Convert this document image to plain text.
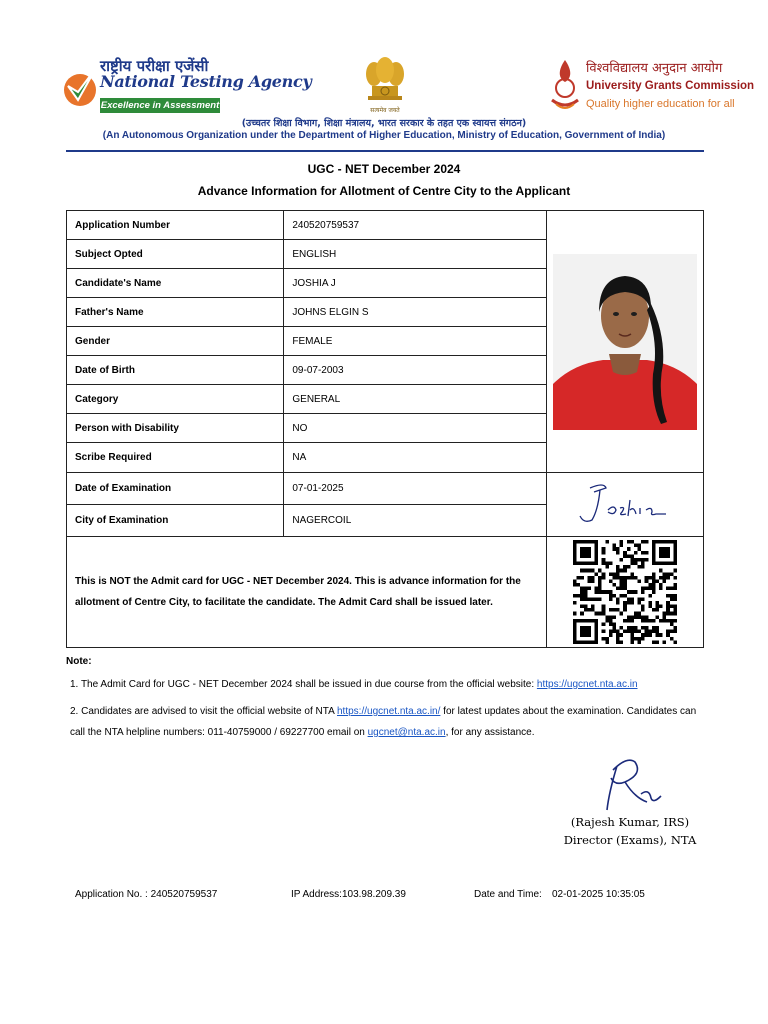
राष्ट्रीय परीक्षा एजेंसी
National Testing Agency
Excellence in Assessment	सत्यमेव जयते
विश्वविद्यालय अनुदान आयोग
University Grants Commission
Quality higher education for all
(उच्चतर शिक्षा विभाग, शिक्षा मंत्रालय, भारत सरकार के तहत एक स्वायत्त संगठन)
(An Autonomous Organization under the Department of Higher Education, Ministry of Education, Government of India)
UGC - NET December 2024
Advance Information for Allotment of Centre City to the Applicant
Application Number	240520759537	

Subject Opted	ENGLISH	
Candidate's Name	JOSHIA J	
Father's Name	JOHNS ELGIN S	
Gender	FEMALE	
Date of Birth	09-07-2003	
Category	GENERAL	
Person with Disability	NO	
Scribe Required	NA	
Date of Examination	07-01-2025	

City of Examination	NAGERCOIL	
This is NOT the Admit card for UGC - NET December 2024. This is advance information for the allotment of Centre City, to facilitate the candidate. The Admit Card shall be issued later.	
Note:
1. The Admit Card for UGC - NET December 2024 shall be issued in due course from the official website: https://ugcnet.nta.ac.in
2. Candidates are advised to visit the official website of NTA https://ugcnet.nta.ac.in/ for latest updates about the examination. Candidates can call the NTA helpline numbers: 011-40759000 / 69227700 email on ugcnet@nta.ac.in, for any assistance.
(Rajesh Kumar, IRS)
Director (Exams), NTA
Application No. : 240520759537	IP Address:103.98.209.39	Date and Time: 02-01-2025 10:35:05
